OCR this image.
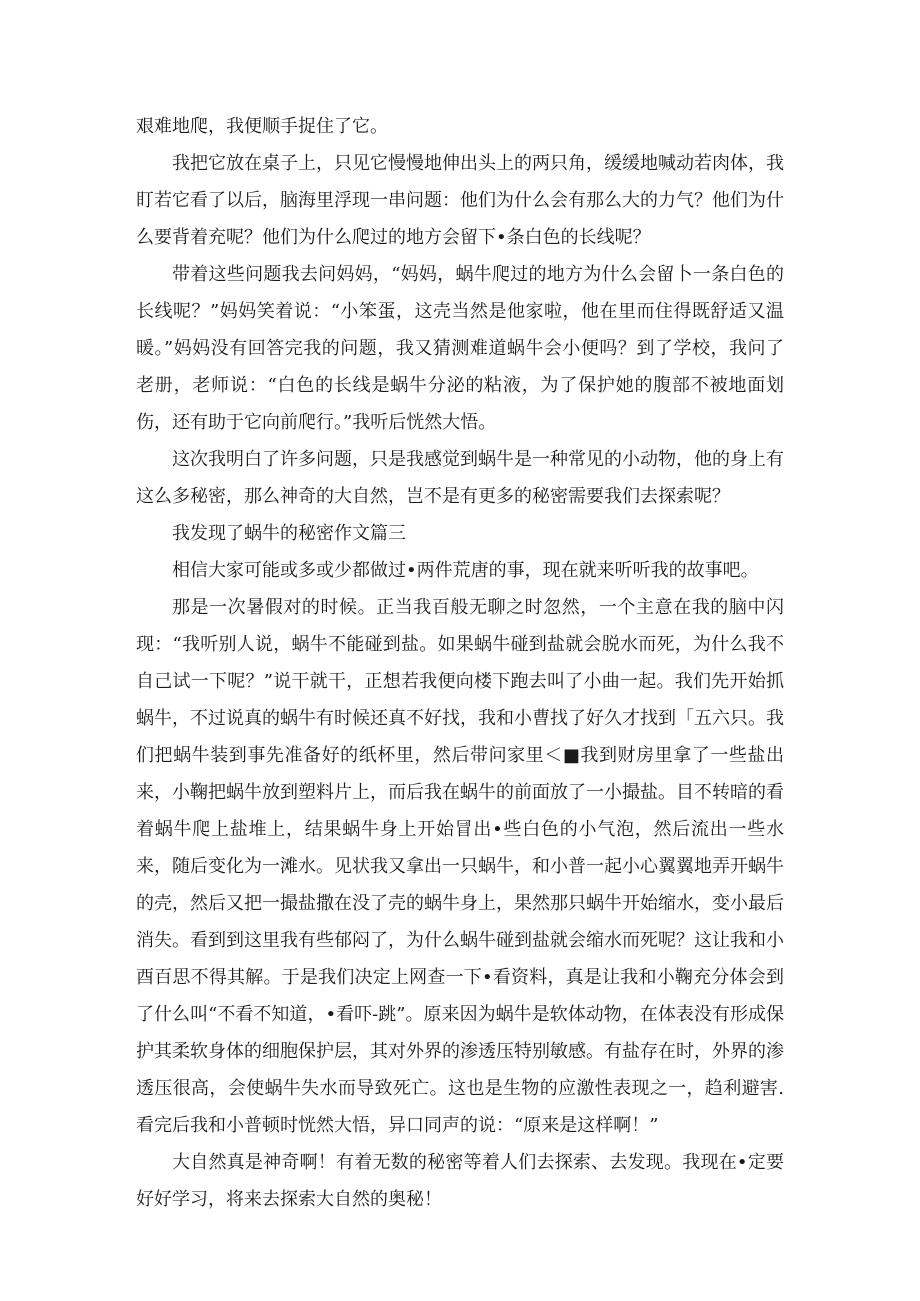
艰难地爬，我便顺手捉住了它。

我把它放在桌子上，只见它慢慢地伸出头上的两只角，缓缓地喊动若肉体，我盯若它看了以后，脑海里浮现一串问题：他们为什么会有那么大的力气？他们为什么要背着充呢？他们为什么爬过的地方会留下•条白色的长线呢？

带着这些问题我去问妈妈，“妈妈，蜗牛爬过的地方为什么会留卜一条白色的长线呢？”妈妈笑着说：“小笨蛋，这壳当然是他家啦，他在里而住得既舒适又温暖。”妈妈没有回答完我的问题，我又猜测难道蜗牛会小便吗？到了学校，我问了老册，老师说：“白色的长线是蜗牛分泌的粘液，为了保护她的腹部不被地面划伤，还有助于它向前爬行。”我听后恍然大悟。

这次我明白了许多问题，只是我感觉到蜗牛是一种常见的小动物，他的身上有这么多秘密，那么神奇的大自然，岂不是有更多的秘密需要我们去探索呢？

我发现了蜗牛的秘密作文篇三

相信大家可能或多或少都做过•两件荒唐的事，现在就来听听我的故事吧。

那是一次暑假对的时候。正当我百般无聊之时忽然，一个主意在我的脑中闪现：“我听别人说，蜗牛不能碰到盐。如果蜗牛碰到盐就会脱水而死，为什么我不自己试一下呢？”说干就干，正想若我便向楼下跑去叫了小曲一起。我们先开始抓蜗牛，不过说真的蜗牛有时候还真不好找，我和小曹找了好久才找到「五六只。我们把蜗牛装到事先准备好的纸杯里，然后带问家里＜■我到财房里拿了一些盐出来，小鞠把蜗牛放到塑料片上，而后我在蜗牛的前面放了一小撮盐。目不转暗的看着蜗牛爬上盐堆上，结果蜗牛身上开始冒出•些白色的小气泡，然后流出一些水来，随后变化为一滩水。见状我又拿出一只蜗牛，和小普一起小心翼翼地弄开蜗牛的壳，然后又把一撮盐撒在没了壳的蜗牛身上，果然那只蜗牛开始缩水，变小最后消失。看到到这里我有些郁闷了，为什么蜗牛碰到盐就会缩水而死呢？这让我和小酉百思不得其解。于是我们决定上网查一下•看资料，真是让我和小鞠充分体会到了什么叫“不看不知道，•看吓-跳”。原来因为蜗牛是软体动物，在体表没有形成保护其柔软身体的细胞保护层，其对外界的渗透压特别敏感。有盐存在时，外界的渗透压很高，会使蜗牛失水而导致死亡。这也是生物的应激性表现之一，趋利避害.看完后我和小普顿时恍然大悟，异口同声的说：“原来是这样啊！”

大自然真是神奇啊！有着无数的秘密等着人们去探索、去发现。我现在•定要好好学习，将来去探索大自然的奥秘！
